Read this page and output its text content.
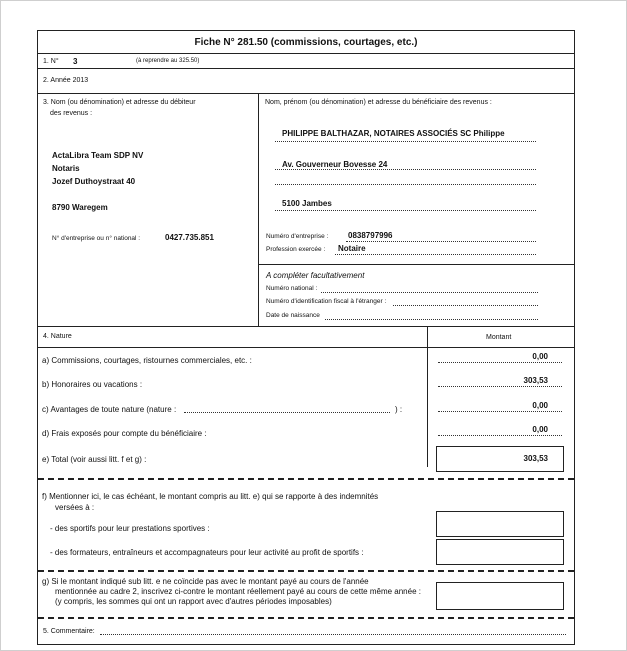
Fiche N° 281.50 (commissions, courtages, etc.)
1. N° 3	(à reprendre au 325.50)
2. Année 2013
3. Nom (ou dénomination) et adresse du débiteur
des revenus :
ActaLibra Team SDP NV
Notaris
Jozef Duthoystraat 40
8790 Waregem
N° d'entreprise ou n° national :	0427.735.851
Nom, prénom (ou dénomination) et adresse du bénéficiaire des revenus :
PHILIPPE BALTHAZAR, NOTAIRES ASSOCIÉS SC Philippe
Av. Gouverneur Bovesse 24
5100 Jambes
Numéro d'entreprise : 0838797996
Profession exercée : Notaire
A compléter facultativement
Numéro national :
Numéro d'identification fiscal à l'étranger :
Date de naissance
4. Nature	Montant
a) Commissions, courtages, ristournes commerciales, etc. :	0,00
b) Honoraires ou vacations :	303,53
c) Avantages de toute nature (nature :	) :	0,00
d) Frais exposés pour compte du bénéficiaire :	0,00
e) Total (voir aussi litt. f et g) :	303,53
f) Mentionner ici, le cas échéant, le montant compris au litt. e) qui se rapporte à des indemnités
versées à :
- des sportifs pour leur prestations sportives :
- des formateurs, entraîneurs et accompagnateurs pour leur activité au profit de sportifs :
g) Si le montant indiqué sub litt. e ne coïncide pas avec le montant payé au cours de l'année
mentionnée au cadre 2, inscrivez ci-contre le montant réellement payé au cours de cette même année :
(y compris, les sommes qui ont un rapport avec d'autres périodes imposables)
5. Commentaire:
